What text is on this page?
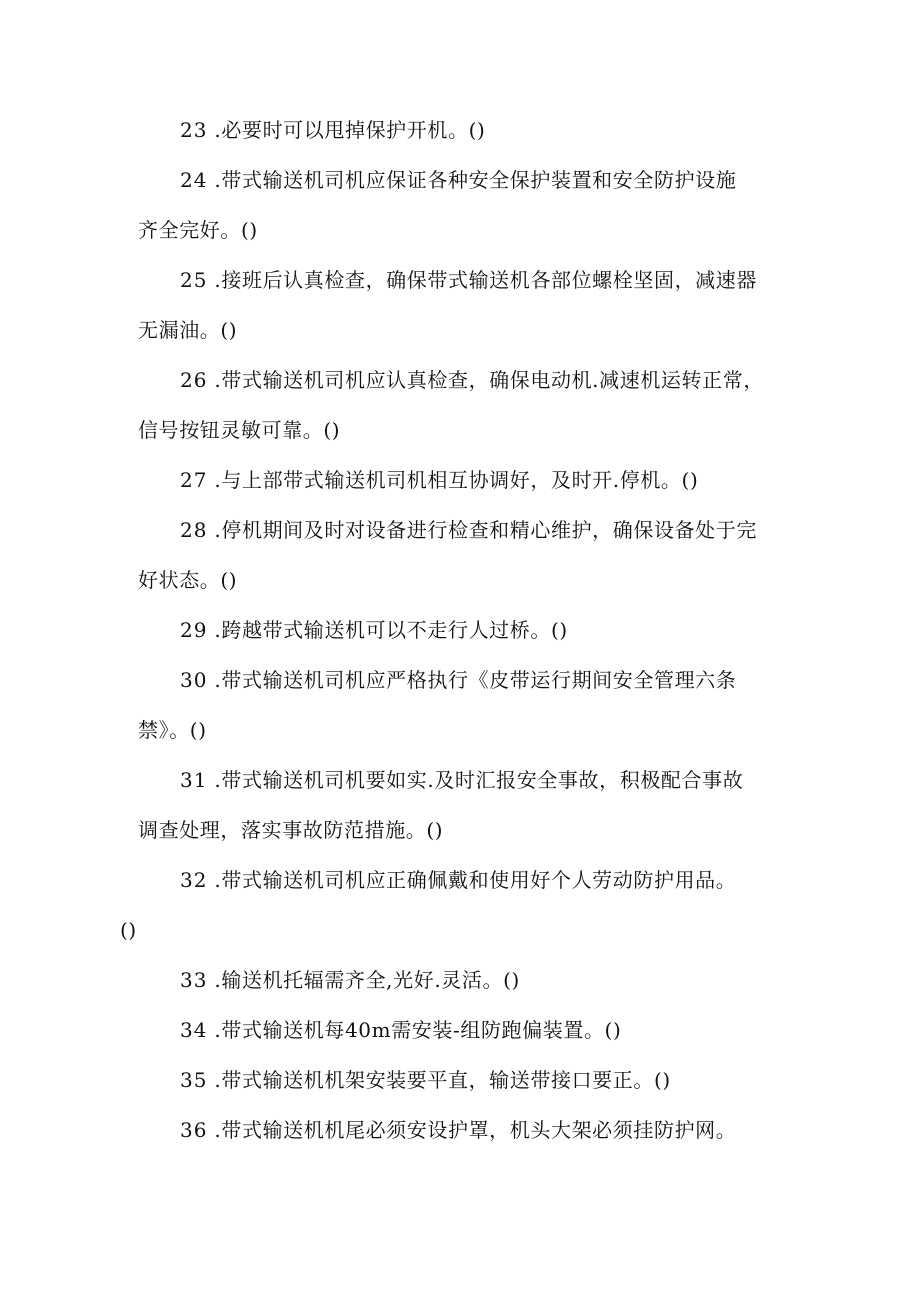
23 .必要时可以甩掉保护开机。()
24 .带式输送机司机应保证各种安全保护装置和安全防护设施
齐全完好。()
25 .接班后认真检查，确保带式输送机各部位螺栓坚固，减速器
无漏油。()
26 .带式输送机司机应认真检查，确保电动机.减速机运转正常，
信号按钮灵敏可靠。()
27 .与上部带式输送机司机相互协调好，及时开.停机。()
28 .停机期间及时对设备进行检查和精心维护，确保设备处于完
好状态。()
29 .跨越带式输送机可以不走行人过桥。()
30 .带式输送机司机应严格执行《皮带运行期间安全管理六条
禁》。()
31 .带式输送机司机要如实.及时汇报安全事故，积极配合事故
调查处理，落实事故防范措施。()
32 .带式输送机司机应正确佩戴和使用好个人劳动防护用品。
()
33 .输送机托辐需齐全,光好.灵活。()
34 .带式输送机每40m需安装-组防跑偏装置。()
35 .带式输送机机架安装要平直，输送带接口要正。()
36 .带式输送机机尾必须安设护罩，机头大架必须挂防护网。
